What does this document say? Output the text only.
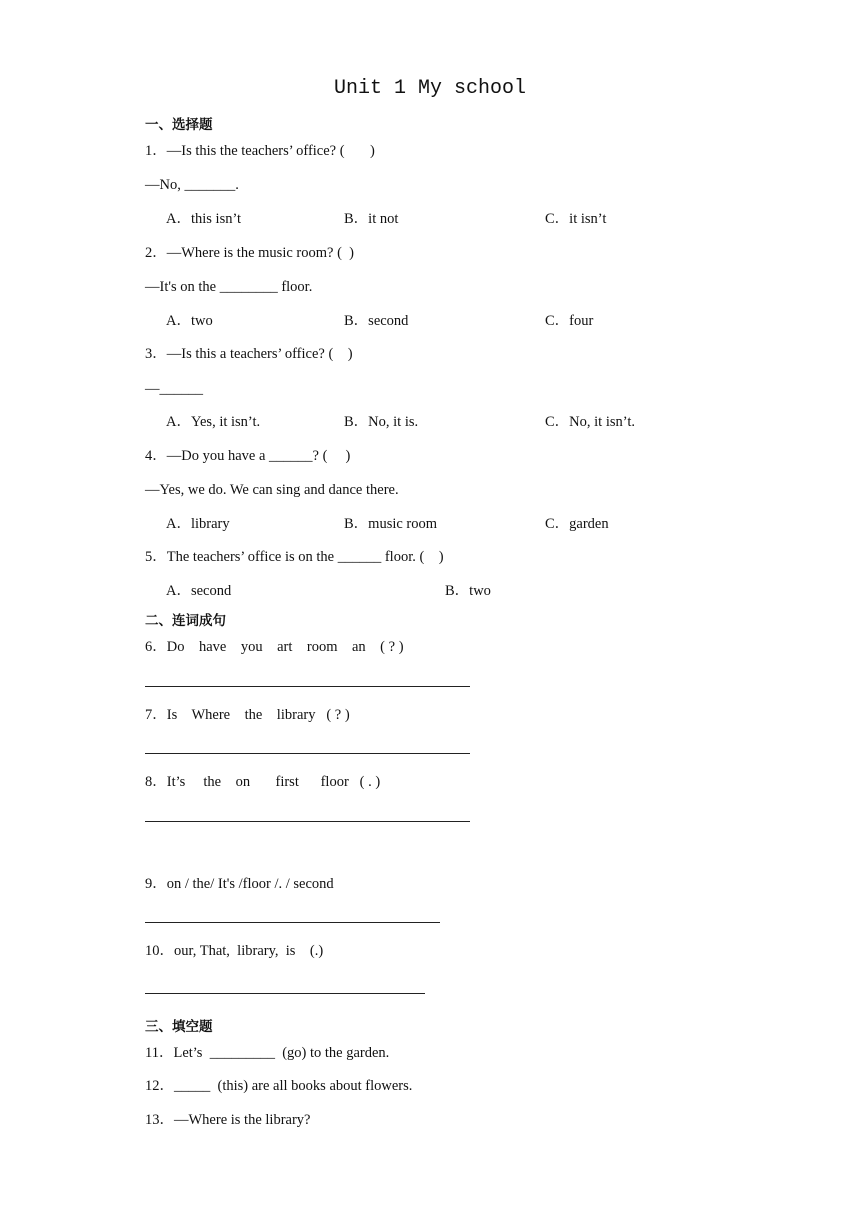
Unit 1 My school
一、选择题
1．—Is this the teachers’ office? (       )
—No, _______.
A．this isn’t	B．it not	C．it isn’t
2．—Where is the music room? (  )
—It's on the ________ floor.
A．two	B．second	C．four
3．—Is this a teachers’ office? (    )
—______
A．Yes, it isn’t.	B．No, it is.	C．No, it isn’t.
4．—Do you have a ______? (     )
—Yes, we do. We can sing and dance there.
A．library	B．music room	C．garden
5．The teachers’ office is on the ______ floor. (    )
A．second	B．two
二、连词成句
6．Do    have    you    art    room    an    ( ? )
7．Is    Where    the    library   ( ? )
8．It’s     the    on       first      floor   ( . )
9．on / the/ It's /floor /. / second
10．our, That,  library,  is    (.)
三、填空题
11．Let’s  _________  (go) to the garden.
12．_____  (this) are all books about flowers.
13．—Where is the library?
